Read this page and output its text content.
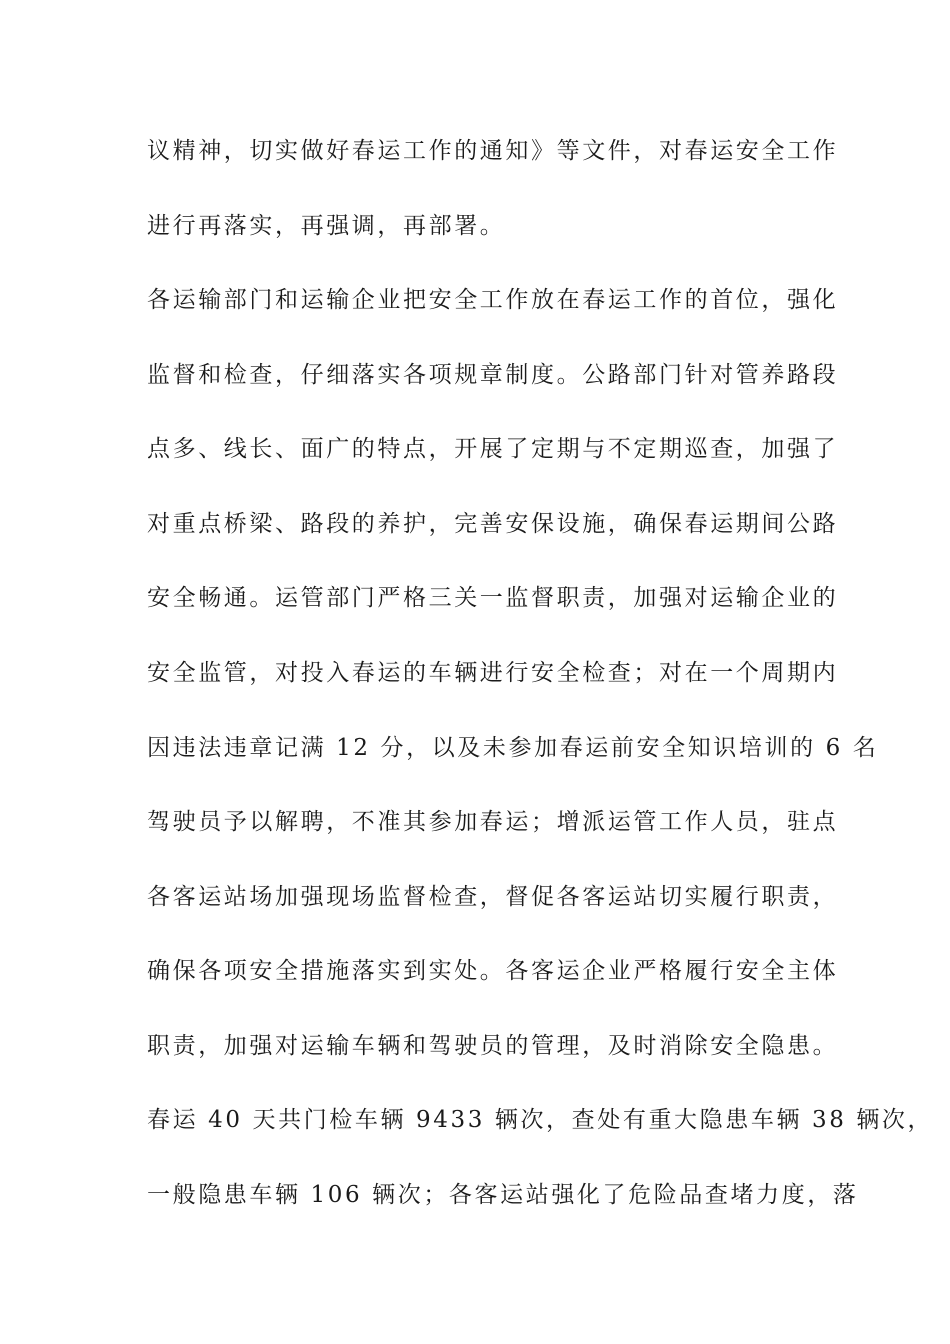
议精神，切实做好春运工作的通知》等文件，对春运安全工作
进行再落实，再强调，再部署。
各运输部门和运输企业把安全工作放在春运工作的首位，强化
监督和检查，仔细落实各项规章制度。公路部门针对管养路段
点多、线长、面广的特点，开展了定期与不定期巡查，加强了
对重点桥梁、路段的养护，完善安保设施，确保春运期间公路
安全畅通。运管部门严格三关一监督职责，加强对运输企业的
安全监管，对投入春运的车辆进行安全检查；对在一个周期内
因违法违章记满 12 分，以及未参加春运前安全知识培训的 6 名
驾驶员予以解聘，不准其参加春运；增派运管工作人员，驻点
各客运站场加强现场监督检查，督促各客运站切实履行职责，
确保各项安全措施落实到实处。各客运企业严格履行安全主体
职责，加强对运输车辆和驾驶员的管理，及时消除安全隐患。
春运 40 天共门检车辆 9433 辆次，查处有重大隐患车辆 38 辆次，
一般隐患车辆 106 辆次；各客运站强化了危险品查堵力度，落
